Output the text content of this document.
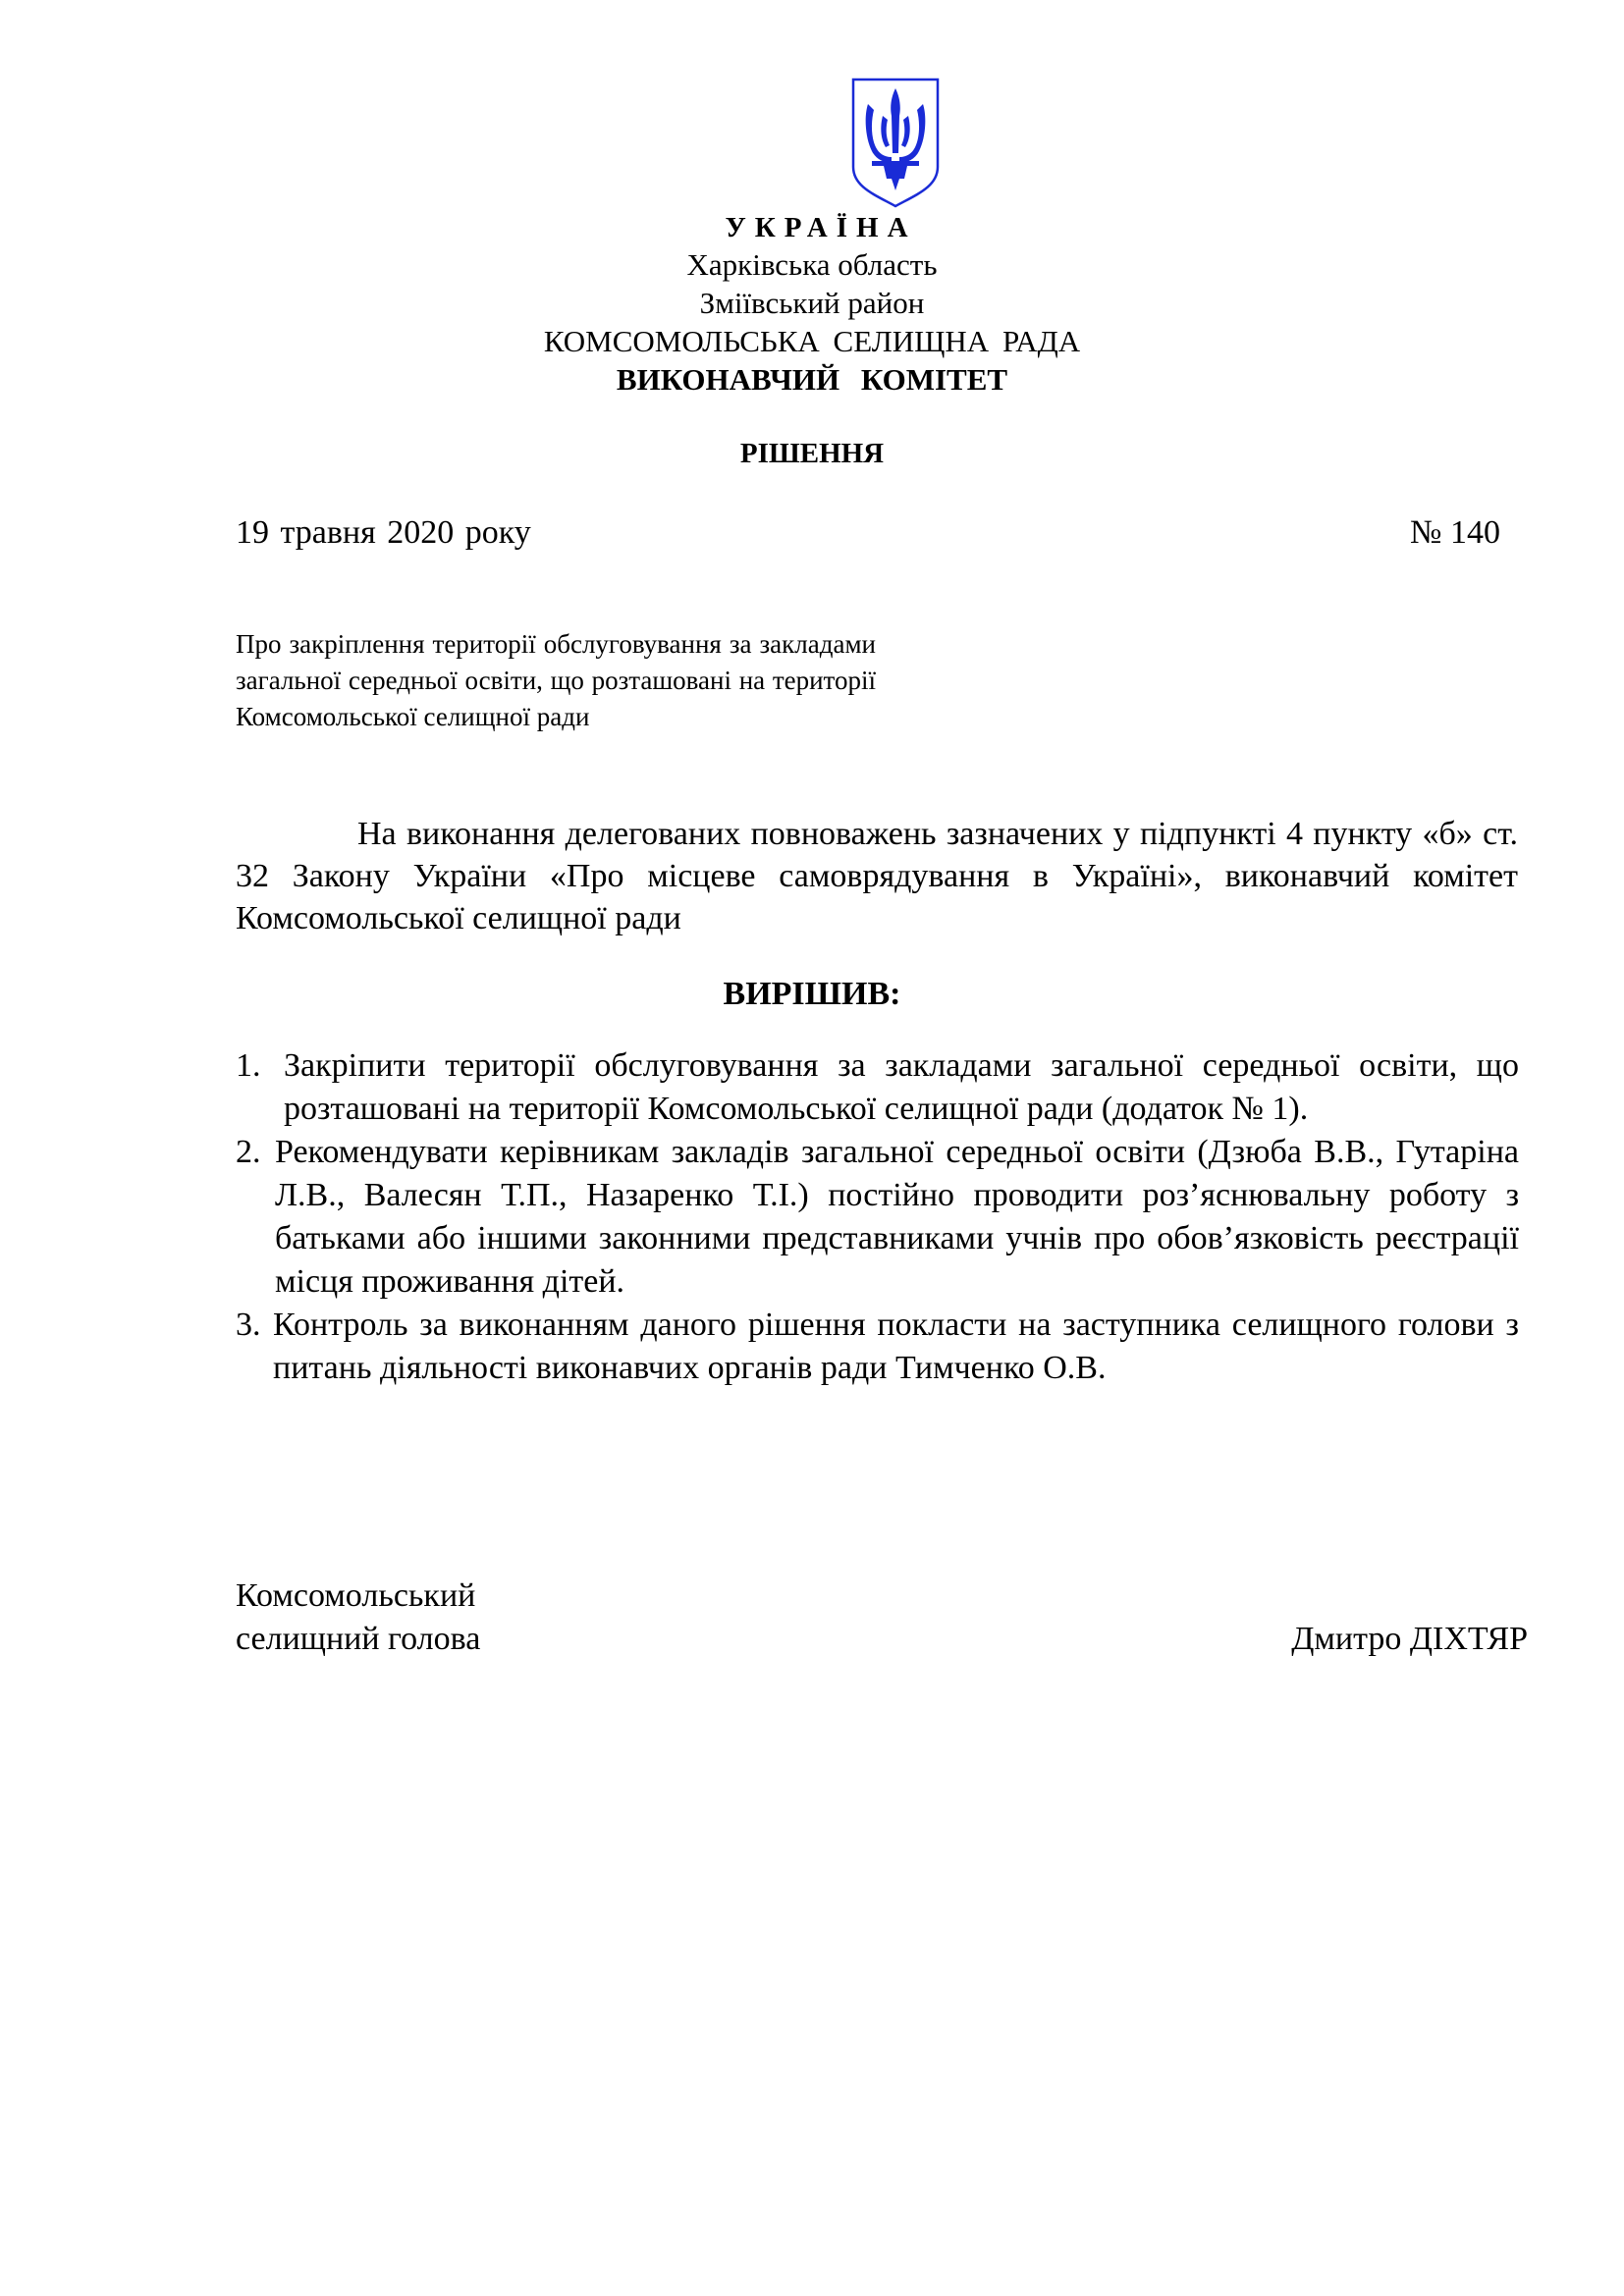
УКРАЇНА
Харківська область
Зміївський район
КОМСОМОЛЬСЬКА СЕЛИЩНА РАДА
ВИКОНАВЧИЙ КОМІТЕТ
РІШЕННЯ
19 травня 2020 року	№ 140
Про закріплення території обслуговування за закладами загальної середньої освіти, що розташовані на території Комсомольської селищної ради
На виконання делегованих повноважень зазначених у підпункті 4 пункту «б» ст. 32 Закону України «Про місцеве самоврядування в Україні», виконавчий комітет Комсомольської селищної ради
ВИРІШИВ:
1. Закріпити території обслуговування за закладами загальної середньої освіти, що розташовані на території Комсомольської селищної ради (додаток № 1).
2. Рекомендувати керівникам закладів загальної середньої освіти (Дзюба В.В., Гутаріна Л.В., Валесян Т.П., Назаренко Т.І.) постійно проводити роз’яснювальну роботу з батьками або іншими законними представниками учнів про обов’язковість реєстрації місця проживання дітей.
3. Контроль за виконанням даного рішення покласти на заступника селищного голови з питань діяльності виконавчих органів ради Тимченко О.В.
Комсомольський
селищний голова	Дмитро ДІХТЯР
